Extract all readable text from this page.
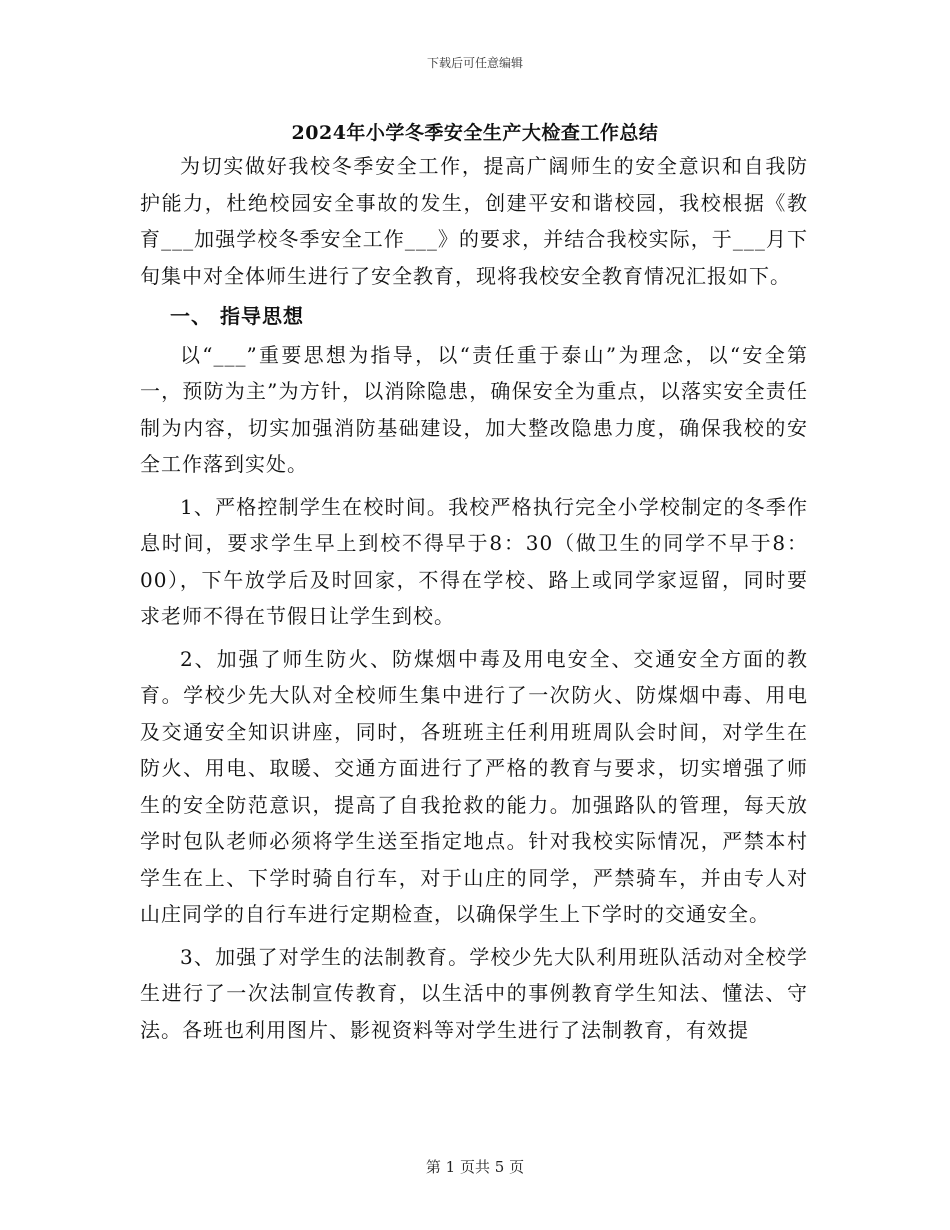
下载后可任意编辑
2024年小学冬季安全生产大检查工作总结

为切实做好我校冬季安全工作，提高广阔师生的安全意识和自我防护能力，杜绝校园安全事故的发生，创建平安和谐校园，我校根据《教育___加强学校冬季安全工作___》的要求，并结合我校实际，于___月下旬集中对全体师生进行了安全教育，现将我校安全教育情况汇报如下。

一、 指导思想

以“___”重要思想为指导，以“责任重于泰山”为理念，以“安全第一，预防为主”为方针，以消除隐患，确保安全为重点，以落实安全责任制为内容，切实加强消防基础建设，加大整改隐患力度，确保我校的安全工作落到实处。

1、严格控制学生在校时间。我校严格执行完全小学校制定的冬季作息时间，要求学生早上到校不得早于8：30（做卫生的同学不早于8：00），下午放学后及时回家，不得在学校、路上或同学家逗留，同时要求老师不得在节假日让学生到校。

2、加强了师生防火、防煤烟中毒及用电安全、交通安全方面的教育。学校少先大队对全校师生集中进行了一次防火、防煤烟中毒、用电及交通安全知识讲座，同时，各班班主任利用班周队会时间，对学生在防火、用电、取暖、交通方面进行了严格的教育与要求，切实增强了师生的安全防范意识，提高了自我抢救的能力。加强路队的管理，每天放学时包队老师必须将学生送至指定地点。针对我校实际情况，严禁本村学生在上、下学时骑自行车，对于山庄的同学，严禁骑车，并由专人对山庄同学的自行车进行定期检查，以确保学生上下学时的交通安全。

3、加强了对学生的法制教育。学校少先大队利用班队活动对全校学生进行了一次法制宣传教育，以生活中的事例教育学生知法、懂法、守法。各班也利用图片、影视资料等对学生进行了法制教育，有效提

第 1 页共 5 页
